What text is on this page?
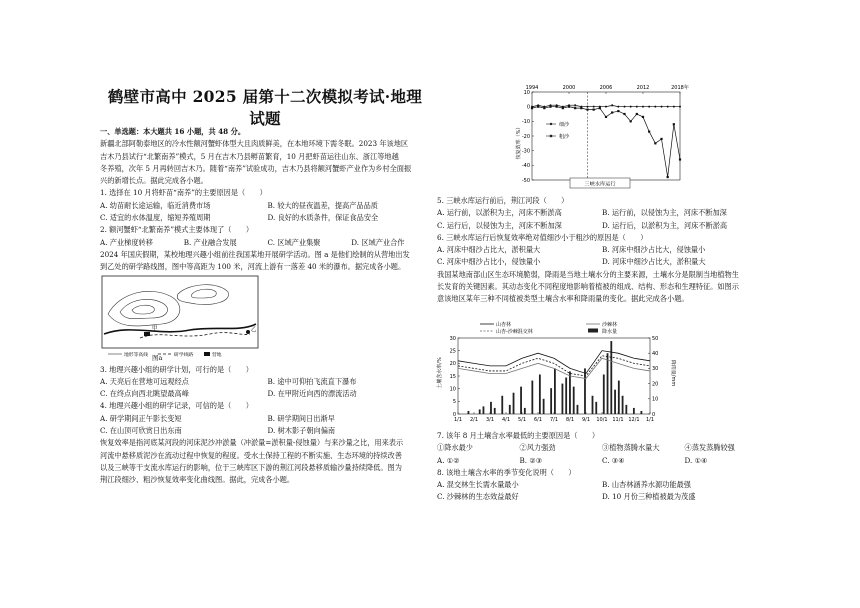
鹤壁市高中 2025 届第十二次模拟考试·地理试题

一、单选题：本大题共 16 小题，共 48 分。

新疆北部阿勒泰地区的冷水性额河蟹虾体型大且肉质鲜美，在本地环境下需冬眠。2023 年该地区

吉木乃县试行“北繁南养”模式，5 月在吉木乃县孵苗繁育，10 月把虾苗运往山东、浙江等地越

冬养殖，次年 5 月再转回吉木乃。随着“南养”试验成功，吉木乃县将额河蟹虾产业作为乡村全面振

兴的新增长点。据此完成各小题。

1. 选择在 10 月将虾苗“南养”的主要原因是（　　）

A. 幼苗耐长途运输，临近消费市场	B. 较大的昼夜温差，提高产品品质
C. 适宜的水体温度，缩短养殖周期	D. 良好的水质条件，保证食品安全

2. 额河蟹虾“北繁南养”模式主要体现了（　　）

A. 产业梯度转移	B. 产业融合发展	C. 区域产业集聚	D. 区域产业合作

2024 年国庆假期，某校地理兴趣小组前往我国某地开展研学活动。图 a 是他们绘制的从营地出发

到乙处的研学路线图，图中等高距为 100 米，河流上游有一落差 40 米的瀑布。据完成各小题。

甲	乙
地形等高线	研学线路	营地
图a

3. 地理兴趣小组的研学计划，可行的是（　　）

A. 天亮后在营地可远观经点	B. 途中可仰拍飞流直下瀑布
C. 在终点向西北眺望最高峰	D. 在甲附近向西的漂流活动

4. 地理兴趣小组的研学记录，可信的是（　　）

A. 研学期间正午影长变短	B. 研学期间日出渐早
C. 在山顶可欣赏日出东南	D. 树木影子朝向偏南

恢复效率是指河底某河段的河床泥沙冲淤量（冲淤量=淤积量-侵蚀量）与来沙量之比，用来表示

河流中悬移质泥沙在流动过程中恢复的程度。受水土保持工程的不断实施、生态环境的持续改善

以及三峡等干支流水库运行的影响，位于三峡库区下游的荆江河段悬移质输沙量持续降低。图为

荆江段细沙、粗沙恢复效率变化曲线图。据此，完成各小题。

1994	2000	2006	2012	2018年
10
0
-10
-20
-30
-40
-50
恢复效率（%）
三峡水库运行
细沙
粗沙

5. 三峡水库运行前后，荆江河段（　　）

A. 运行前，以淤积为主，河床不断淤高	B. 运行前，以侵蚀为主，河床不断加深
C. 运行后，以侵蚀为主，河床不断加深	D. 运行后，以淤积为主，河床不断淤高

6. 三峡水库运行后恢复效率绝对值细沙小于粗沙的原因是（　　）

A. 河床中细沙占比大，淤积量大	B. 河床中细沙占比大，侵蚀量小
C. 河床中细沙占比小，侵蚀量小	D. 河床中细沙占比大，淤积量大

我国某地南部山区生态环境脆弱，降雨是当地土壤水分的主要来源，土壤水分是限制当地植物生

长发育的关键因素。其动态变化不同程度地影响着植被的组成、结构、形态和生理特征。如图示

意该地区某年三种不同植被类型土壤含水率和降雨量的变化。据此完成各小题。

1/1 2/1 3/1 4/1 5/1 6/1 7/1 8/1 9/1 10/1 11/1 12/1 1/1
30
25
20
15
10
5
0
50
40
30
20
10
0
土壤含水率/%	降雨量/mm
山杏林
山杏-沙棘混交林
沙棘林
降水量

7. 该年 8 月土壤含水率最低的主要原因是（　　）

①降水最少	②风力强劲	③植物蒸腾水量大	④蒸发蒸腾较强
A. ①②	B. ②③	C. ③④	D. ①④

8. 该地土壤含水率的季节变化说明（　　）

A. 混交林生长需水量最小	B. 山杏林涵养水源功能最强
C. 沙棘林的生态效益最好	D. 10 月份三种植被最为茂盛
